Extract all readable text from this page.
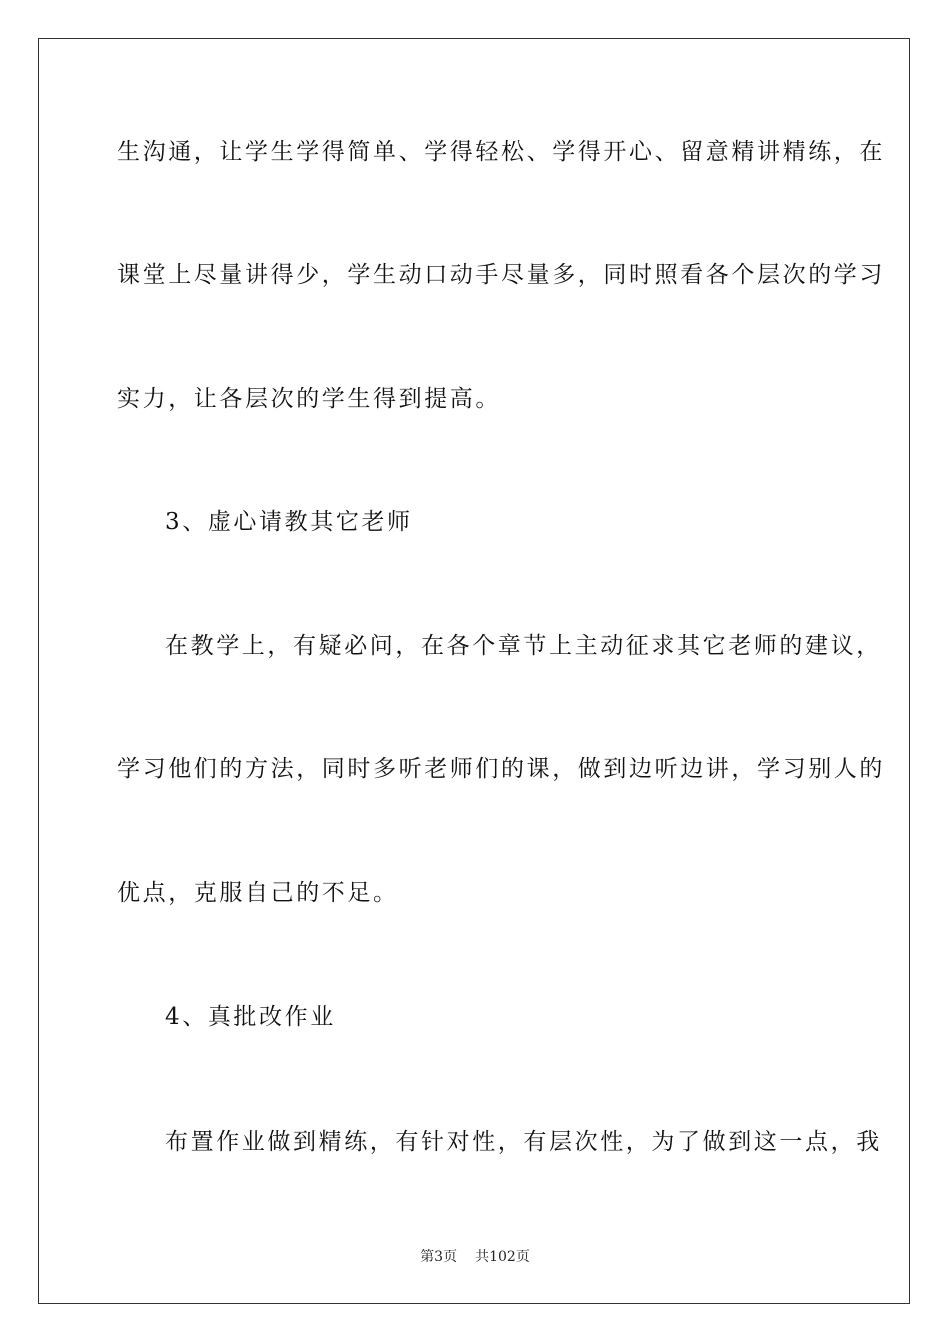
生沟通，让学生学得简单、学得轻松、学得开心、留意精讲精练，在
课堂上尽量讲得少，学生动口动手尽量多，同时照看各个层次的学习
实力，让各层次的学生得到提高。
3、虚心请教其它老师
在教学上，有疑必问，在各个章节上主动征求其它老师的建议，
学习他们的方法，同时多听老师们的课，做到边听边讲，学习别人的
优点，克服自己的不足。
4、真批改作业
布置作业做到精练，有针对性，有层次性，为了做到这一点，我
第3页 共102页
